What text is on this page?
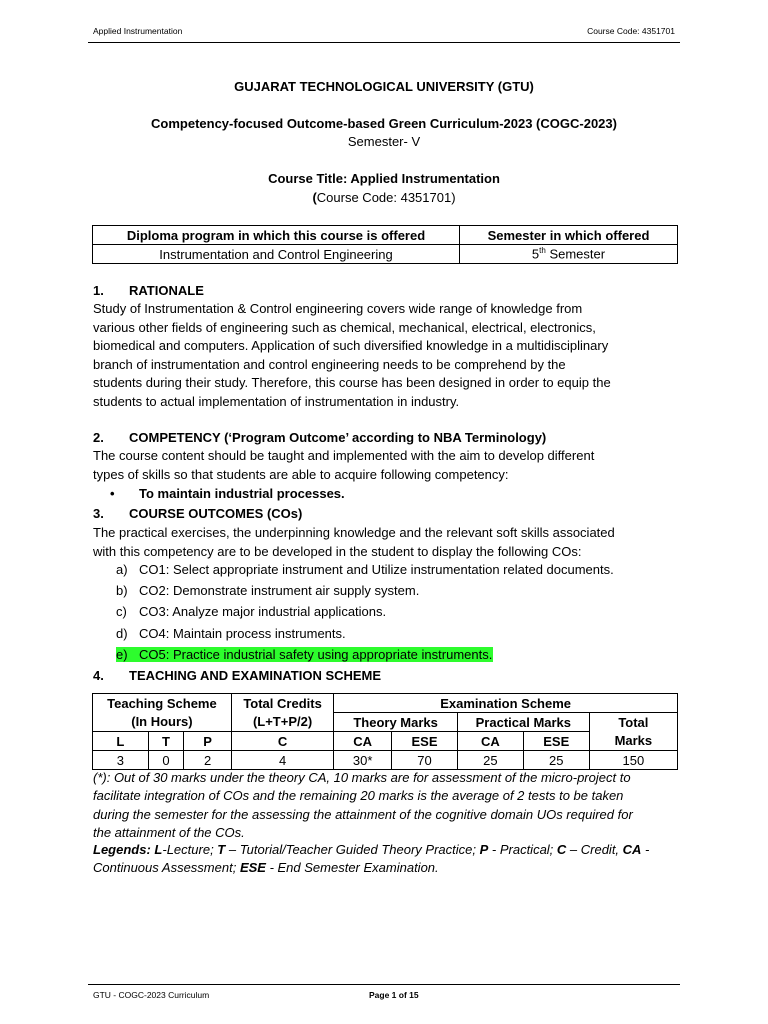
Applied Instrumentation	Course Code: 4351701
GUJARAT TECHNOLOGICAL UNIVERSITY (GTU)
Competency-focused Outcome-based Green Curriculum-2023 (COGC-2023)
Semester- V
Course Title: Applied Instrumentation
(Course Code: 4351701)
Diploma program in which this course is offered	Semester in which offered
Instrumentation and Control Engineering	5th Semester
1. RATIONALE
Study of Instrumentation & Control engineering covers wide range of knowledge from
various other fields of engineering such as chemical, mechanical, electrical, electronics,
biomedical and computers. Application of such diversified knowledge in a multidisciplinary
branch of instrumentation and control engineering needs to be comprehend by the
students during their study. Therefore, this course has been designed in order to equip the
students to actual implementation of instrumentation in industry.
2. COMPETENCY (‘Program Outcome’ according to NBA Terminology)
The course content should be taught and implemented with the aim to develop different
types of skills so that students are able to acquire following competency:
• To maintain industrial processes.
3. COURSE OUTCOMES (COs)
The practical exercises, the underpinning knowledge and the relevant soft skills associated
with this competency are to be developed in the student to display the following COs:
a) CO1: Select appropriate instrument and Utilize instrumentation related documents.
b) CO2: Demonstrate instrument air supply system.
c) CO3: Analyze major industrial applications.
d) CO4: Maintain process instruments.
e) CO5: Practice industrial safety using appropriate instruments.
4. TEACHING AND EXAMINATION SCHEME
Teaching Scheme			Total Credits	Examination Scheme				
(In Hours)			(L+T+P/2)	Theory Marks		Practical Marks		Total
L	T	P	C	CA	ESE	CA	ESE	Marks
3	0	2	4	30*	70	25	25	150
(*): Out of 30 marks under the theory CA, 10 marks are for assessment of the micro-project to
facilitate integration of COs and the remaining 20 marks is the average of 2 tests to be taken
during the semester for the assessing the attainment of the cognitive domain UOs required for
the attainment of the COs.
Legends: L-Lecture; T – Tutorial/Teacher Guided Theory Practice; P - Practical; C – Credit, CA -
Continuous Assessment; ESE - End Semester Examination.
GTU - COGC-2023 Curriculum	Page 1 of 15
